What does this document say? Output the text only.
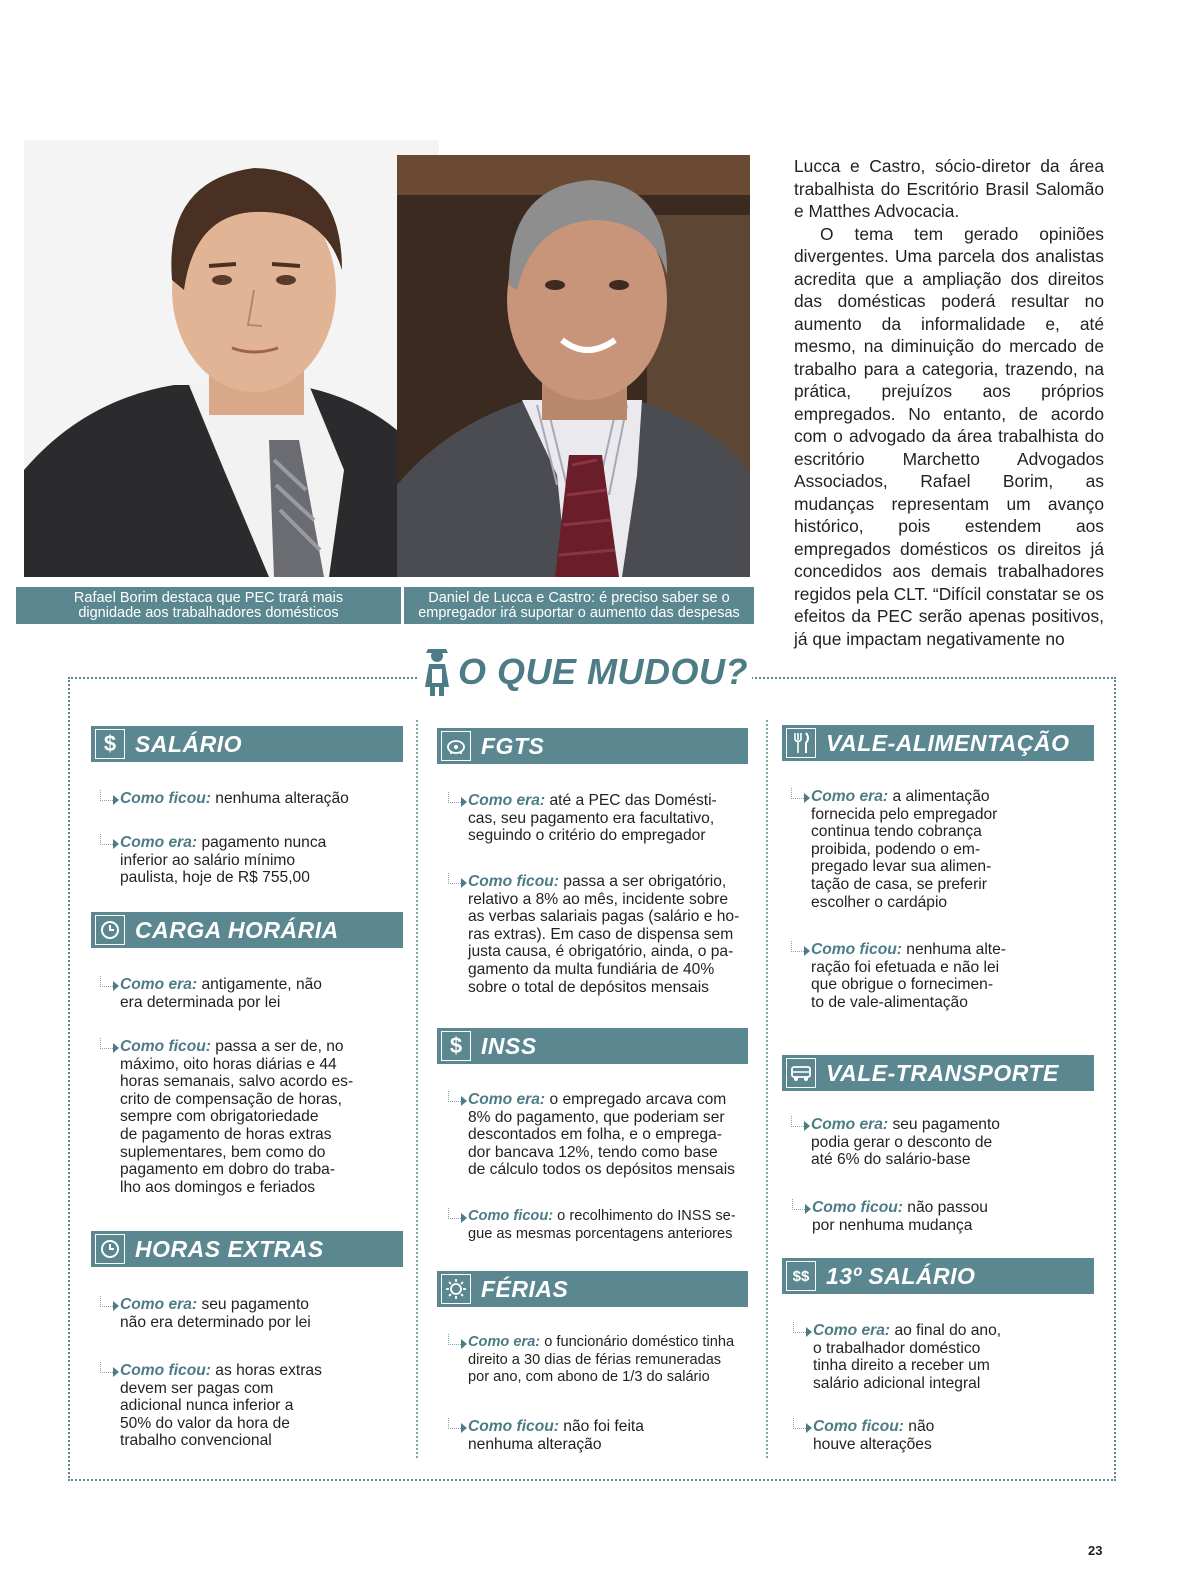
Rafael Borim destaca que PEC trará mais
dignidade aos trabalhadores domésticos
Daniel de Lucca e Castro: é preciso saber se o
empregador irá suportar o aumento das despesas

Lucca e Castro, sócio-diretor da área trabalhista do Escritório Brasil Salomão e Matthes Advocacia.

O tema tem gerado opiniões divergentes. Uma parcela dos analistas acredita que a ampliação dos direitos das domésticas poderá resultar no aumento da informalidade e, até mesmo, na diminuição do mercado de trabalho para a categoria, trazendo, na prática, prejuízos aos próprios empregados. No entanto, de acordo com o advogado da área trabalhista do escritório Marchetto Advogados Associados, Rafael Borim, as mudanças representam um avanço histórico, pois estendem aos empregados domésticos os direitos já concedidos aos demais trabalhadores regidos pela CLT. “Difícil constatar se os efeitos da PEC serão apenas positivos, já que impactam negativamente no

O QUE MUDOU?
$ SALÁRIO
Como ficou: nenhuma alteração
Como era: pagamento nunca
inferior ao salário mínimo
paulista, hoje de R$ 755,00
CARGA HORÁRIA
Como era: antigamente, não
era determinada por lei
Como ficou: passa a ser de, no
máximo, oito horas diárias e 44
horas semanais, salvo acordo es-
crito de compensação de horas,
sempre com obrigatoriedade
de pagamento de horas extras
suplementares, bem como do
pagamento em dobro do traba-
lho aos domingos e feriados
HORAS EXTRAS
Como era: seu pagamento
não era determinado por lei
Como ficou: as horas extras
devem ser pagas com
adicional nunca inferior a
50% do valor da hora de
trabalho convencional
FGTS
Como era: até a PEC das Domésti-
cas, seu pagamento era facultativo,
seguindo o critério do empregador
Como ficou: passa a ser obrigatório,
relativo a 8% ao mês, incidente sobre
as verbas salariais pagas (salário e ho-
ras extras). Em caso de dispensa sem
justa causa, é obrigatório, ainda, o pa-
gamento da multa fundiária de 40%
sobre o total de depósitos mensais
$ INSS
Como era: o empregado arcava com
8% do pagamento, que poderiam ser
descontados em folha, e o emprega-
dor bancava 12%, tendo como base
de cálculo todos os depósitos mensais
Como ficou: o recolhimento do INSS se-
gue as mesmas porcentagens anteriores
FÉRIAS
Como era: o funcionário doméstico tinha
direito a 30 dias de férias remuneradas
por ano, com abono de 1/3 do salário
Como ficou: não foi feita
nenhuma alteração
VALE-ALIMENTAÇÃO
Como era: a alimentação
fornecida pelo empregador
continua tendo cobrança
proibida, podendo o em-
pregado levar sua alimen-
tação de casa, se preferir
escolher o cardápio
Como ficou: nenhuma alte-
ração foi efetuada e não lei
que obrigue o fornecimen-
to de vale-alimentação
VALE-TRANSPORTE
Como era: seu pagamento
podia gerar o desconto de
até 6% do salário-base
Como ficou: não passou
por nenhuma mudança
$$ 13º SALÁRIO
Como era: ao final do ano,
o trabalhador doméstico
tinha direito a receber um
salário adicional integral
Como ficou: não
houve alterações
23
